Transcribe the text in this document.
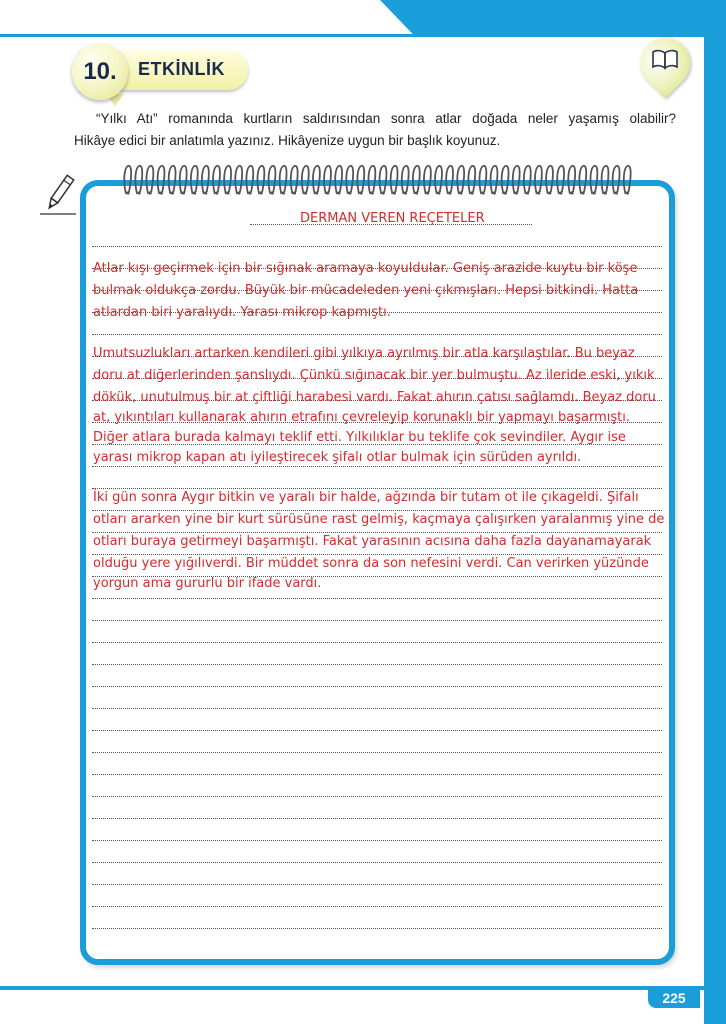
ETKİNLİK
10.
“Yılkı Atı” romanında kurtların saldırısından sonra atlar doğada neler yaşamış olabilir?
Hikâye edici bir anlatımla yazınız. Hikâyenize uygun bir başlık koyunuz.
DERMAN VEREN REÇETELER
Atlar kışı geçirmek için bir sığınak aramaya koyuldular. Geniş arazide kuytu bir köşe
bulmak oldukça zordu. Büyük bir mücadeleden yeni çıkmışları. Hepsi bitkindi. Hatta
atlardan biri yaralıydı. Yarası mikrop kapmıştı.
Umutsuzlukları artarken kendileri gibi yılkıya ayrılmış bir atla karşılaştılar. Bu beyaz
doru at diğerlerinden şanslıydı. Çünkü sığınacak bir yer bulmuştu. Az ileride eski, yıkık
dökük, unutulmuş bir at çiftliği harabesi vardı. Fakat ahırın çatısı sağlamdı. Beyaz doru
at, yıkıntıları kullanarak ahırın etrafını çevreleyip korunaklı bir yapmayı başarmıştı.
Diğer atlara burada kalmayı teklif etti. Yılkılıklar bu teklife çok sevindiler. Aygır ise
yarası mikrop kapan atı iyileştirecek şifalı otlar bulmak için sürüden ayrıldı.
İki gün sonra Aygır bitkin ve yaralı bir halde, ağzında bir tutam ot ile çıkageldi. Şifalı
otları ararken yine bir kurt sürüsüne rast gelmiş, kaçmaya çalışırken yaralanmış yine de
otları buraya getirmeyi başarmıştı. Fakat yarasının acısına daha fazla dayanamayarak
olduğu yere yığılıverdi. Bir müddet sonra da son nefesini verdi. Can verirken yüzünde
yorgun ama gururlu bir ifade vardı.
225
